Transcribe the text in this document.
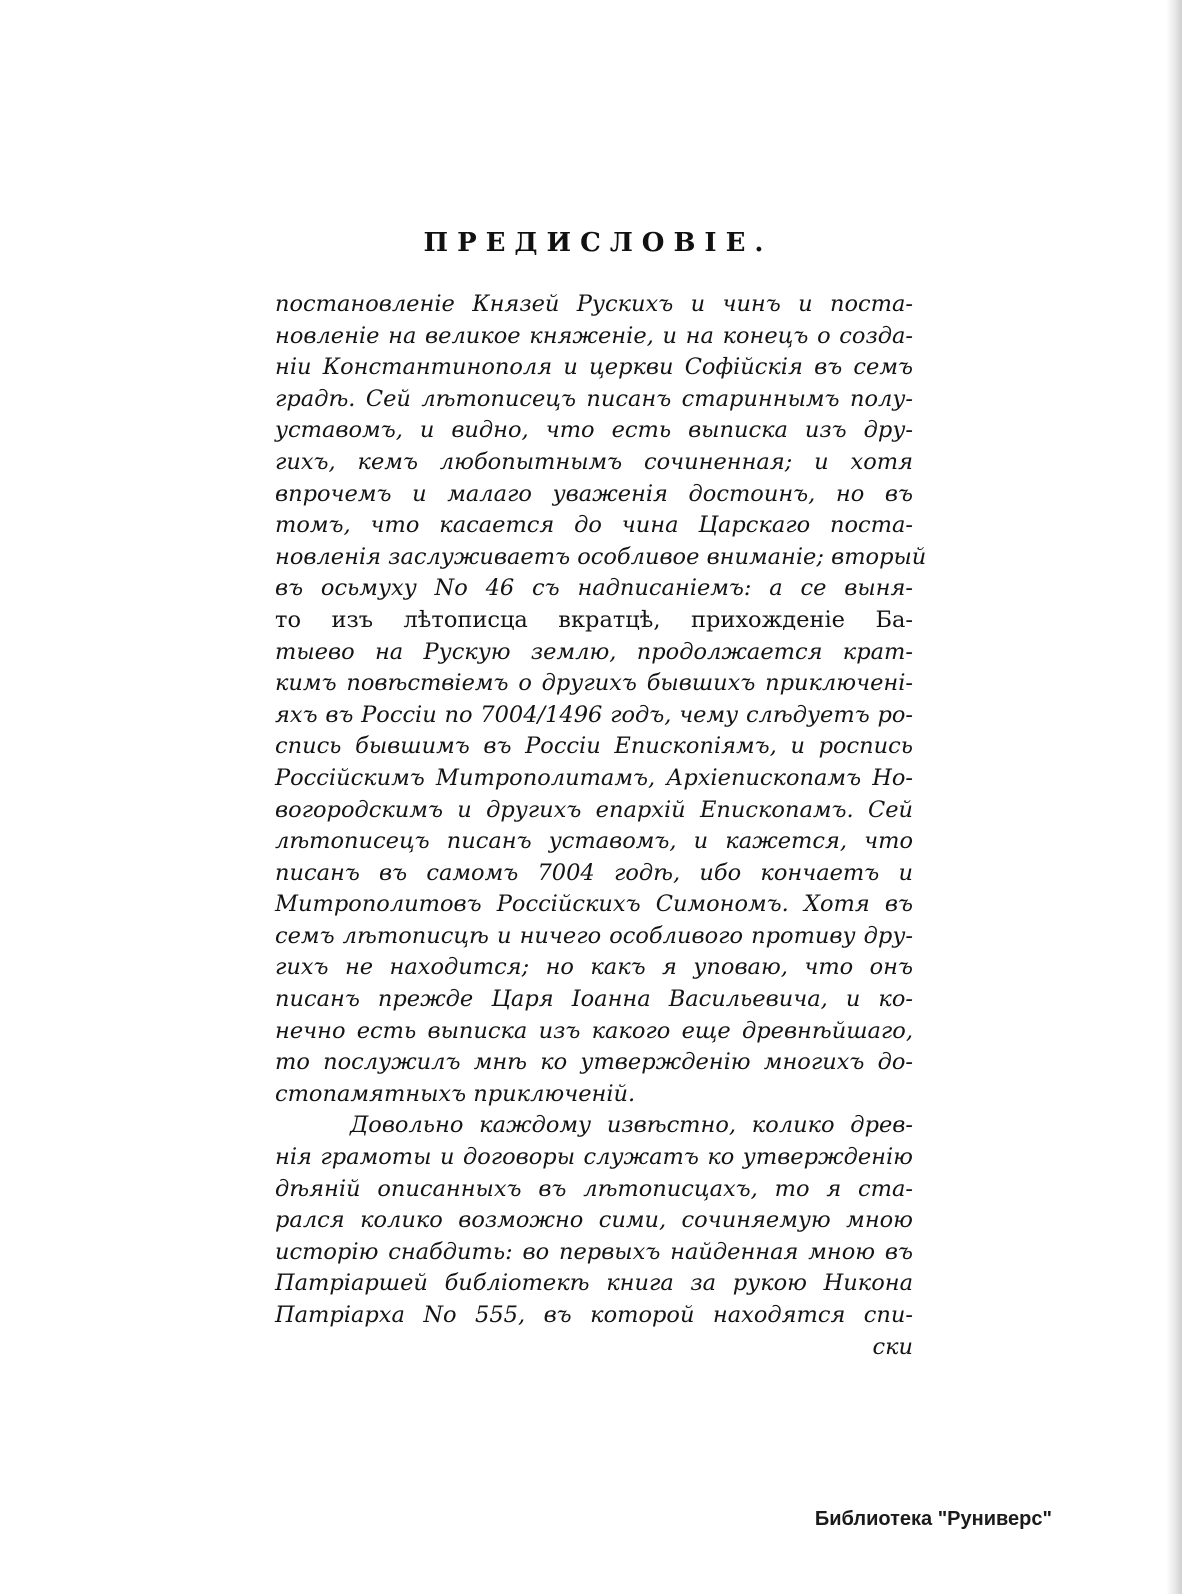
ПРЕДИСЛОВІЕ.
постановленіе Князей Рускихъ и чинъ и поста-
новленіе на великое княженіе, и на конецъ о созда-
ніи Константинополя и церкви Софійскія въ семъ
градѣ. Сей лѣтописецъ писанъ стариннымъ полу-
уставомъ, и видно, что есть выписка изъ дру-
гихъ, кемъ любопытнымъ сочиненная; и хотя
впрочемъ и малаго уваженія достоинъ, но въ
томъ, что касается до чина Царскаго поста-
новленія заслуживаетъ особливое вниманіе; вторый
въ осьмуху No 46 съ надписаніемъ: а се выня-
то изъ лѣтописца вкратцѣ, прихожденіе Ба-
тыево на Рускую землю, продолжается крат-
кимъ повѣствіемъ о другихъ бывшихъ приключені-
яхъ въ Россіи по 7004/1496 годъ, чему слѣдуетъ ро-
спись бывшимъ въ Россіи Епископіямъ, и роспись
Россійскимъ Митрополитамъ, Архіепископамъ Но-
вогородскимъ и другихъ епархій Епископамъ. Сей
лѣтописецъ писанъ уставомъ, и кажется, что
писанъ въ самомъ 7004 годѣ, ибо кончаетъ и
Митрополитовъ Россійскихъ Симономъ. Хотя въ
семъ лѣтописцѣ и ничего особливого противу дру-
гихъ не находится; но какъ я уповаю, что онъ
писанъ прежде Царя Іоанна Васильевича, и ко-
нечно есть выписка изъ какого еще древнѣйшаго,
то послужилъ мнѣ ко утвержденію многихъ до-
стопамятныхъ приключеній.
Довольно каждому извѣстно, колико древ-
нія грамоты и договоры служатъ ко утвержденію
дѣяній описанныхъ въ лѣтописцахъ, то я ста-
рался колико возможно сими, сочиняемую мною
исторію снабдить: во первыхъ найденная мною въ
Патріаршей библіотекѣ книга за рукою Никона
Патріарха No 555, въ которой находятся спи-
ски
Библиотека "Руниверс"
